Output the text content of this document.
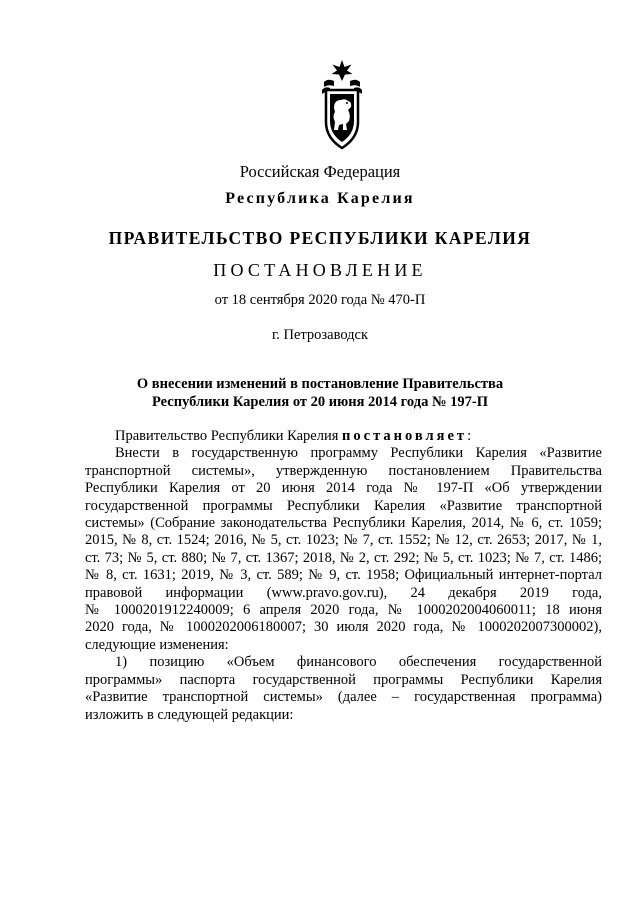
Российская Федерация
Республика Карелия
ПРАВИТЕЛЬСТВО РЕСПУБЛИКИ КАРЕЛИЯ
ПОСТАНОВЛЕНИЕ
от 18 сентября 2020 года № 470-П
г. Петрозаводск
О внесении изменений в постановление Правительства
Республики Карелия от 20 июня 2014 года № 197-П
Правительство Республики Карелия постановляет:
Внести в государственную программу Республики Карелия «Развитие
транспортной системы», утвержденную постановлением Правительства
Республики Карелия от 20 июня 2014 года № 197-П «Об утверждении
государственной программы Республики Карелия «Развитие транспортной
системы» (Собрание законодательства Республики Карелия, 2014, № 6, ст. 1059;
2015, № 8, ст. 1524; 2016, № 5, ст. 1023; № 7, ст. 1552; № 12, ст. 2653; 2017, № 1,
ст. 73; № 5, ст. 880; № 7, ст. 1367; 2018, № 2, ст. 292; № 5, ст. 1023; № 7, ст. 1486;
№ 8, ст. 1631; 2019, № 3, ст. 589; № 9, ст. 1958; Официальный интернет-портал
правовой информации (www.pravo.gov.ru), 24 декабря 2019 года,
№ 1000201912240009; 6 апреля 2020 года, № 1000202004060011; 18 июня
2020 года, № 1000202006180007; 30 июля 2020 года, № 1000202007300002),
следующие изменения:
1) позицию «Объем финансового обеспечения государственной
программы» паспорта государственной программы Республики Карелия
«Развитие транспортной системы» (далее – государственная программа)
изложить в следующей редакции:
